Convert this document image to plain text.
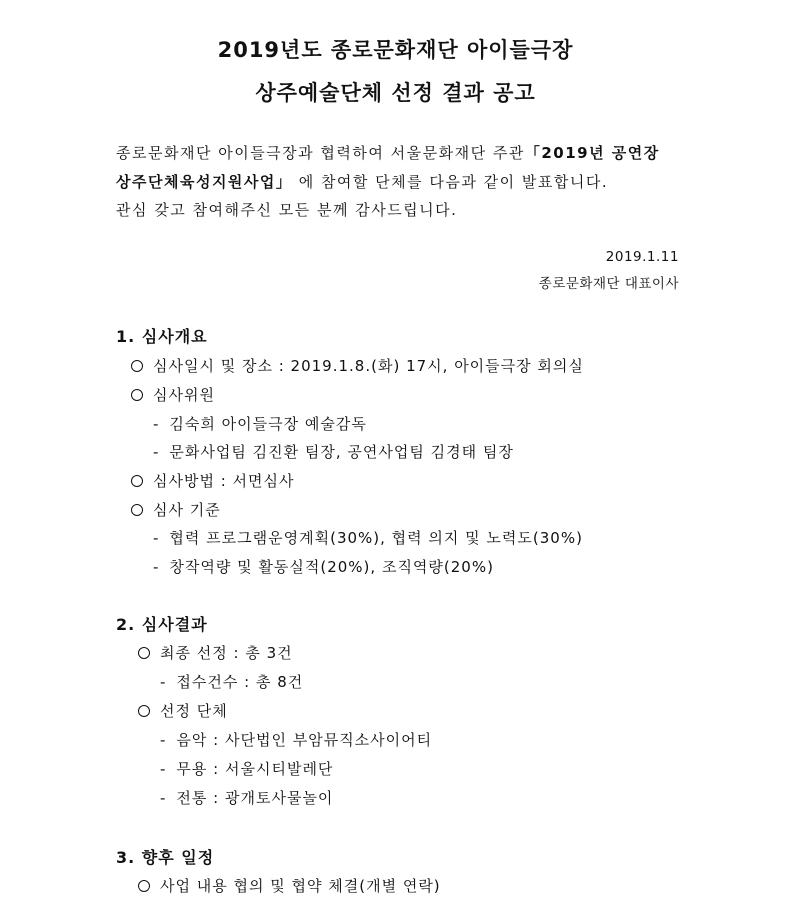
2019년도 종로문화재단 아이들극장
상주예술단체 선정 결과 공고
종로문화재단 아이들극장과 협력하여 서울문화재단 주관「2019년 공연장
상주단체육성지원사업」 에 참여할 단체를 다음과 같이 발표합니다.
관심 갖고 참여해주신 모든 분께 감사드립니다.
2019.1.11
종로문화재단 대표이사
1. 심사개요
심사일시 및 장소 : 2019.1.8.(화) 17시, 아이들극장 회의실
심사위원
- 김숙희 아이들극장 예술감독
- 문화사업팀 김진환 팀장, 공연사업팀 김경태 팀장
심사방법 : 서면심사
심사 기준
- 협력 프로그램운영계획(30%), 협력 의지 및 노력도(30%)
- 창작역량 및 활동실적(20%), 조직역량(20%)
2. 심사결과
최종 선정 : 총 3건
- 접수건수 : 총 8건
선정 단체
- 음악 : 사단법인 부암뮤직소사이어티
- 무용 : 서울시티발레단
- 전통 : 광개토사물놀이
3. 향후 일정
사업 내용 협의 및 협약 체결(개별 연락)
